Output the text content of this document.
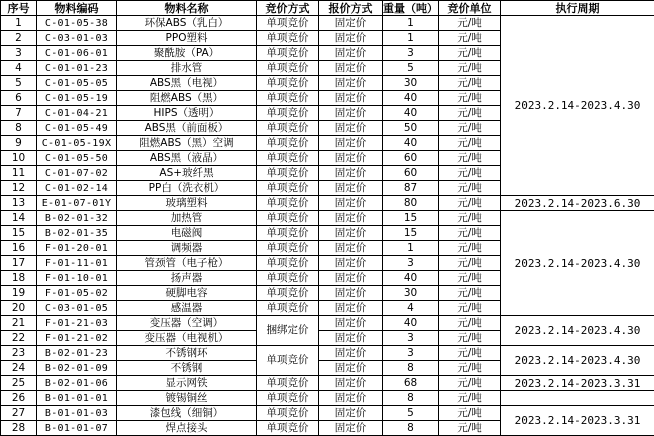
序号	物料编码	物料名称	竞价方式	报价方式	重量（吨）	竞价单位	执行周期
1	C-01-05-38	环保ABS（乳白）	单项竞价	固定价	1	元/吨	2023.2.14-2023.4.30
2	C-03-01-03	PPO塑料	单项竞价	固定价	1	元/吨	
3	C-01-06-01	聚酰胺（PA）	单项竞价	固定价	3	元/吨	
4	C-01-01-23	排水管	单项竞价	固定价	5	元/吨	
5	C-01-05-05	ABS黑（电视）	单项竞价	固定价	30	元/吨	
6	C-01-05-19	阻燃ABS（黑）	单项竞价	固定价	40	元/吨	
7	C-01-04-21	HIPS（透明）	单项竞价	固定价	40	元/吨	
8	C-01-05-49	ABS黑（前面板）	单项竞价	固定价	50	元/吨	
9	C-01-05-19X	阻燃ABS（黑）空调	单项竞价	固定价	40	元/吨	
10	C-01-05-50	ABS黑（液晶）	单项竞价	固定价	60	元/吨	
11	C-01-07-02	AS+玻纤黑	单项竞价	固定价	60	元/吨	
12	C-01-02-14	PP白（洗衣机）	单项竞价	固定价	87	元/吨	
13	E-01-07-01Y	玻璃塑料	单项竞价	固定价	80	元/吨	2023.2.14-2023.6.30
14	B-02-01-32	加热管	单项竞价	固定价	15	元/吨	2023.2.14-2023.4.30
15	B-02-01-35	电磁阀	单项竞价	固定价	15	元/吨	
16	F-01-20-01	调频器	单项竞价	固定价	1	元/吨	
17	F-01-11-01	管颈管（电子枪）	单项竞价	固定价	3	元/吨	
18	F-01-10-01	扬声器	单项竞价	固定价	40	元/吨	
19	F-01-05-02	硬脚电容	单项竞价	固定价	30	元/吨	
20	C-03-01-05	感温器	单项竞价	固定价	4	元/吨	
21	F-01-21-03	变压器（空调）	捆绑定价	固定价	40	元/吨	2023.2.14-2023.4.30
22	F-01-21-02	变压器（电视机）		固定价	3	元/吨	
23	B-02-01-23	不锈钢环	单项竞价	固定价	3	元/吨	2023.2.14-2023.4.30
24	B-02-01-09	不锈钢		固定价	8	元/吨	
25	B-02-01-06	显示网铁	单项竞价	固定价	68	元/吨	2023.2.14-2023.3.31
26	B-01-01-01	镀锡铜丝	单项竞价	固定价	8	元/吨	
27	B-01-01-03	漆包线（细铜）	单项竞价	固定价	5	元/吨	2023.2.14-2023.3.31
28	B-01-01-07	焊点接头	单项竞价	固定价	8	元/吨	
